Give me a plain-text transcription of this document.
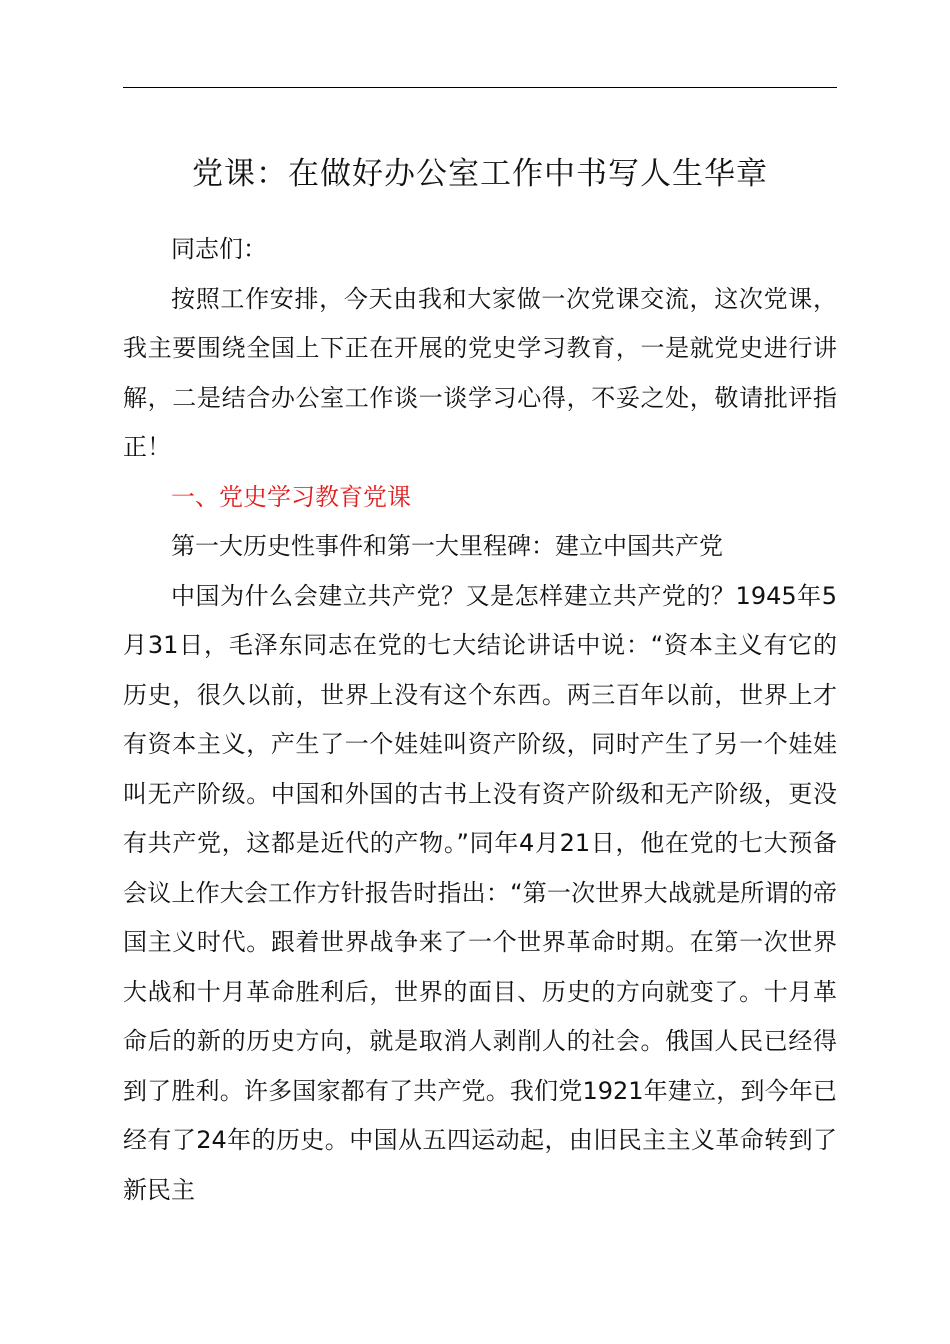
党课：在做好办公室工作中书写人生华章

同志们：

按照工作安排，今天由我和大家做一次党课交流，这次党课，我主要围绕全国上下正在开展的党史学习教育，一是就党史进行讲解，二是结合办公室工作谈一谈学习心得，不妥之处，敬请批评指正！

一、党史学习教育党课

第一大历史性事件和第一大里程碑：建立中国共产党

中国为什么会建立共产党？又是怎样建立共产党的？1945年5月31日，毛泽东同志在党的七大结论讲话中说：“资本主义有它的历史，很久以前，世界上没有这个东西。两三百年以前，世界上才有资本主义，产生了一个娃娃叫资产阶级，同时产生了另一个娃娃叫无产阶级。中国和外国的古书上没有资产阶级和无产阶级，更没有共产党，这都是近代的产物。”同年4月21日，他在党的七大预备会议上作大会工作方针报告时指出：“第一次世界大战就是所谓的帝国主义时代。跟着世界战争来了一个世界革命时期。在第一次世界大战和十月革命胜利后，世界的面目、历史的方向就变了。十月革命后的新的历史方向，就是取消人剥削人的社会。俄国人民已经得到了胜利。许多国家都有了共产党。我们党1921年建立，到今年已经有了24年的历史。中国从五四运动起，由旧民主主义革命转到了新民主
